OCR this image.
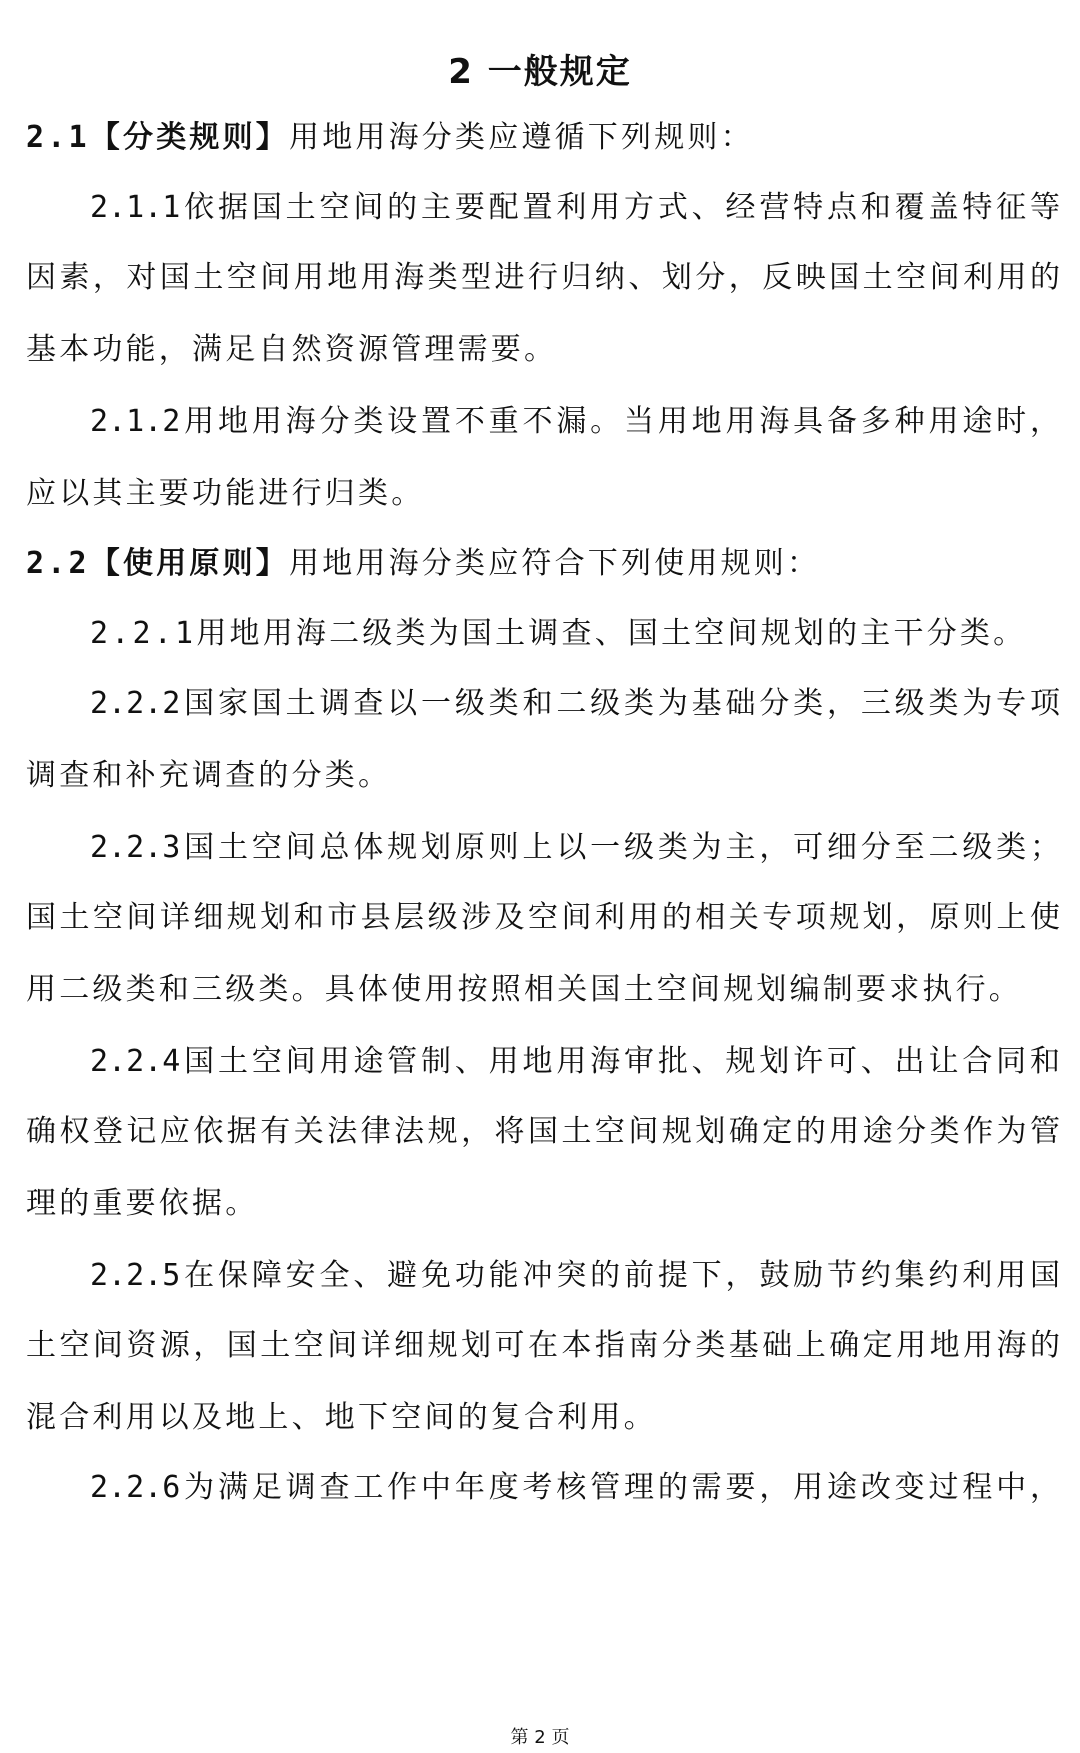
2 一般规定
2.1【分类规则】用地用海分类应遵循下列规则：
2.1.1依据国土空间的主要配置利用方式、经营特点和覆盖特征等
因素，对国土空间用地用海类型进行归纳、划分，反映国土空间利用的
基本功能，满足自然资源管理需要。
2.1.2用地用海分类设置不重不漏。当用地用海具备多种用途时，
应以其主要功能进行归类。
2.2【使用原则】用地用海分类应符合下列使用规则：
2.2.1用地用海二级类为国土调查、国土空间规划的主干分类。
2.2.2国家国土调查以一级类和二级类为基础分类，三级类为专项
调查和补充调查的分类。
2.2.3国土空间总体规划原则上以一级类为主，可细分至二级类；
国土空间详细规划和市县层级涉及空间利用的相关专项规划，原则上使
用二级类和三级类。具体使用按照相关国土空间规划编制要求执行。
2.2.4国土空间用途管制、用地用海审批、规划许可、出让合同和
确权登记应依据有关法律法规，将国土空间规划确定的用途分类作为管
理的重要依据。
2.2.5在保障安全、避免功能冲突的前提下，鼓励节约集约利用国
土空间资源，国土空间详细规划可在本指南分类基础上确定用地用海的
混合利用以及地上、地下空间的复合利用。
2.2.6为满足调查工作中年度考核管理的需要，用途改变过程中，
第 2 页
